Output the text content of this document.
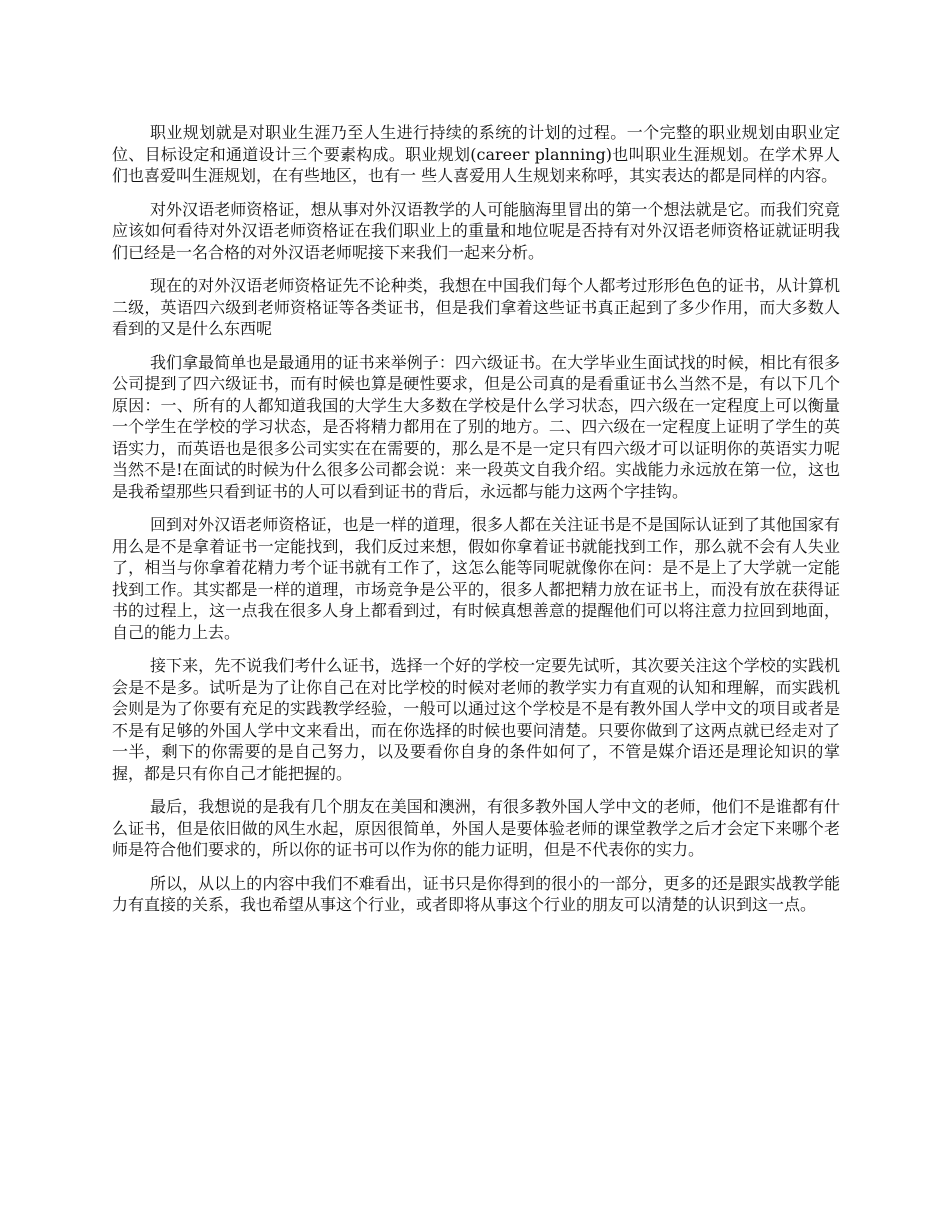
职业规划就是对职业生涯乃至人生进行持续的系统的计划的过程。一个完整的职业规划由职业定位、目标设定和通道设计三个要素构成。职业规划(career planning)也叫职业生涯规划。在学术界人们也喜爱叫生涯规划，在有些地区，也有一 些人喜爱用人生规划来称呼，其实表达的都是同样的内容。

对外汉语老师资格证，想从事对外汉语教学的人可能脑海里冒出的第一个想法就是它。而我们究竟应该如何看待对外汉语老师资格证在我们职业上的重量和地位呢是否持有对外汉语老师资格证就证明我们已经是一名合格的对外汉语老师呢接下来我们一起来分析。

现在的对外汉语老师资格证先不论种类，我想在中国我们每个人都考过形形色色的证书，从计算机二级，英语四六级到老师资格证等各类证书，但是我们拿着这些证书真正起到了多少作用，而大多数人看到的又是什么东西呢

我们拿最简单也是最通用的证书来举例子：四六级证书。在大学毕业生面试找的时候，相比有很多公司提到了四六级证书，而有时候也算是硬性要求，但是公司真的是看重证书么当然不是，有以下几个原因：一、所有的人都知道我国的大学生大多数在学校是什么学习状态，四六级在一定程度上可以衡量一个学生在学校的学习状态，是否将精力都用在了别的地方。二、四六级在一定程度上证明了学生的英语实力，而英语也是很多公司实实在在需要的，那么是不是一定只有四六级才可以证明你的英语实力呢当然不是!在面试的时候为什么很多公司都会说：来一段英文自我介绍。实战能力永远放在第一位，这也是我希望那些只看到证书的人可以看到证书的背后，永远都与能力这两个字挂钩。

回到对外汉语老师资格证，也是一样的道理，很多人都在关注证书是不是国际认证到了其他国家有用么是不是拿着证书一定能找到，我们反过来想，假如你拿着证书就能找到工作，那么就不会有人失业了，相当与你拿着花精力考个证书就有工作了，这怎么能等同呢就像你在问：是不是上了大学就一定能找到工作。其实都是一样的道理，市场竞争是公平的，很多人都把精力放在证书上，而没有放在获得证书的过程上，这一点我在很多人身上都看到过，有时候真想善意的提醒他们可以将注意力拉回到地面，自己的能力上去。

接下来，先不说我们考什么证书，选择一个好的学校一定要先试听，其次要关注这个学校的实践机会是不是多。试听是为了让你自己在对比学校的时候对老师的教学实力有直观的认知和理解，而实践机会则是为了你要有充足的实践教学经验，一般可以通过这个学校是不是有教外国人学中文的项目或者是不是有足够的外国人学中文来看出，而在你选择的时候也要问清楚。只要你做到了这两点就已经走对了一半，剩下的你需要的是自己努力，以及要看你自身的条件如何了，不管是媒介语还是理论知识的掌握，都是只有你自己才能把握的。

最后，我想说的是我有几个朋友在美国和澳洲，有很多教外国人学中文的老师，他们不是谁都有什么证书，但是依旧做的风生水起，原因很简单，外国人是要体验老师的课堂教学之后才会定下来哪个老师是符合他们要求的，所以你的证书可以作为你的能力证明，但是不代表你的实力。

所以，从以上的内容中我们不难看出，证书只是你得到的很小的一部分，更多的还是跟实战教学能力有直接的关系，我也希望从事这个行业，或者即将从事这个行业的朋友可以清楚的认识到这一点。
